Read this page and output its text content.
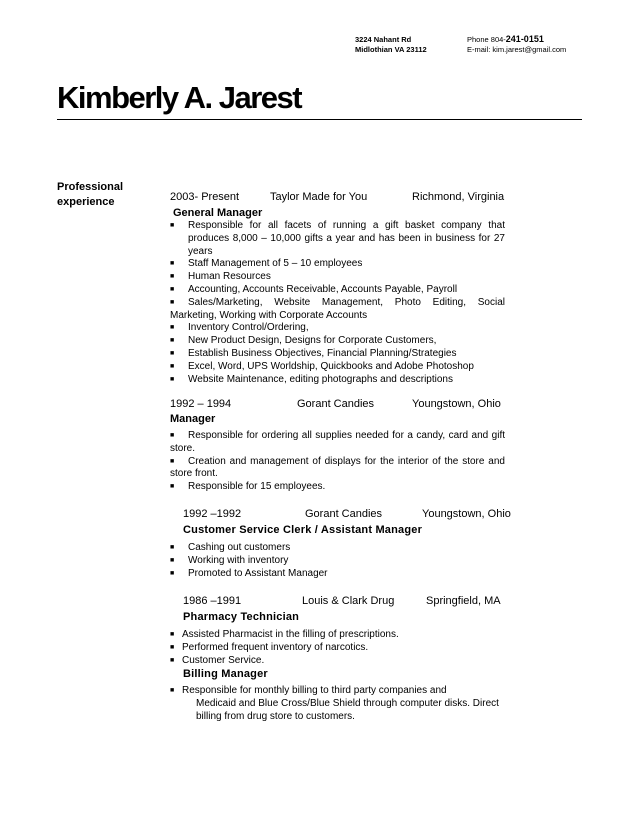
3224 Nahant Rd
Midlothian VA 23112
Phone 804-241-0151
E-mail: kim.jarest@gmail.com
Kimberly A. Jarest
Professional
experience	2003- Present	Taylor Made for You	Richmond, Virginia
General Manager
■ Responsible for all facets of running a gift basket company that produces 8,000 – 10,000 gifts a year and has been in business for 27 years
■ Staff Management of 5 – 10 employees
■ Human Resources
■ Accounting, Accounts Receivable, Accounts Payable, Payroll
■ Sales/Marketing, Website Management, Photo Editing, Social Marketing, Working with Corporate Accounts
■ Inventory Control/Ordering,
■ New Product Design, Designs for Corporate Customers,
■ Establish Business Objectives, Financial Planning/Strategies
■ Excel, Word, UPS Worldship, Quickbooks and Adobe Photoshop
■ Website Maintenance, editing photographs and descriptions
1992 – 1994	Gorant Candies	Youngstown, Ohio
Manager
■ Responsible for ordering all supplies needed for a candy, card and gift store.
■ Creation and management of displays for the interior of the store and store front.
■ Responsible for 15 employees.
1992 –1992	Gorant Candies	Youngstown, Ohio
Customer Service Clerk / Assistant Manager
■ Cashing out customers
■ Working with inventory
■ Promoted to Assistant Manager
1986 –1991	Louis & Clark Drug	Springfield, MA
Pharmacy Technician
■ Assisted Pharmacist in the filling of prescriptions.
■ Performed frequent inventory of narcotics.
■ Customer Service.
Billing Manager
■ Responsible for monthly billing to third party companies and
Medicaid and Blue Cross/Blue Shield through computer disks. Direct
billing from drug store to customers.
